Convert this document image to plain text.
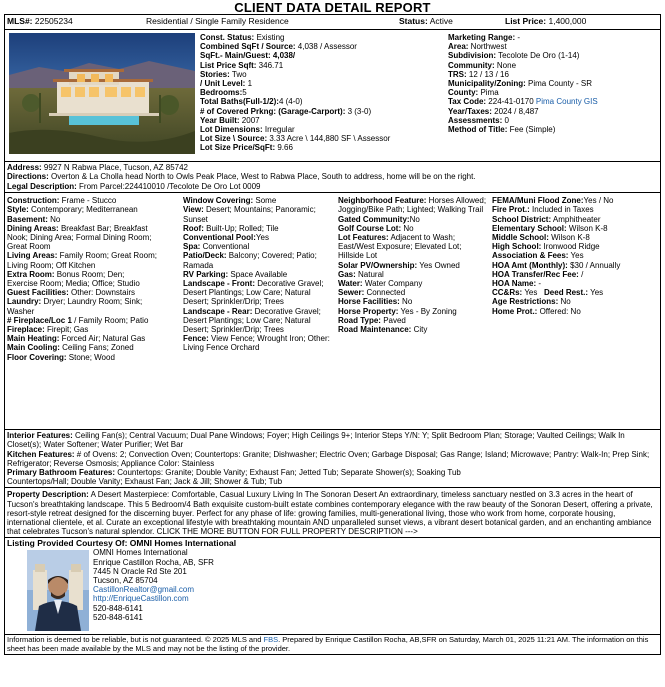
CLIENT DATA DETAIL REPORT
MLS#: 22505234	Residential / Single Family Residence	Status: Active	List Price: 1,400,000
Const. Status: Existing
Combined SqFt / Source: 4,038 / Assessor
SqFt.- Main/Guest: 4,038/
List Price Sqft: 346.71
Stories: Two
/ Unit Level: 1
Bedrooms:5
Total Baths(Full-1/2):4 (4-0)
# of Covered Prkng: (Garage-Carport): 3 (3-0)
Year Built: 2007
Lot Dimensions: Irregular
Lot Size \ Source: 3.33 Acre \ 144,880 SF \ Assessor
Lot Size Price/SqFt: 9.66
Marketing Range: -
Area: Northwest
Subdivision: Tecolote De Oro (1-14)
Community: None
TRS: 12 / 13 / 16
Municipality/Zoning: Pima County - SR
County: Pima
Tax Code: 224-41-0170 Pima County GIS
Year/Taxes: 2024 / 8,487
Assessments: 0
Method of Title: Fee (Simple)
Address: 9927 N Rabwa Place, Tucson, AZ 85742
Directions: Overton & La Cholla head North to Owls Peak Place, West to Rabwa Place, South to address, home will be on the right.
Legal Description: From Parcel:224410010 /Tecolote De Oro Lot 0009
Construction: Frame - Stucco
Style: Contemporary; Mediterranean
Basement: No
Dining Areas: Breakfast Bar; Breakfast Nook; Dining Area; Formal Dining Room; Great Room
Living Areas: Family Room; Great Room; Living Room; Off Kitchen
Extra Room: Bonus Room; Den; Exercise Room; Media; Office; Studio
Guest Facilities: Other: Downstairs
Laundry: Dryer; Laundry Room; Sink; Washer
# Fireplace/Loc 1 / Family Room; Patio
Fireplace: Firepit; Gas
Main Heating: Forced Air; Natural Gas
Main Cooling: Ceiling Fans; Zoned
Floor Covering: Stone; Wood
Window Covering: Some
View: Desert; Mountains; Panoramic; Sunset
Roof: Built-Up; Rolled; Tile
Conventional Pool:Yes
Spa: Conventional
Patio/Deck: Balcony; Covered; Patio; Ramada
RV Parking: Space Available
Landscape - Front: Decorative Gravel; Desert Plantings; Low Care; Natural Desert; Sprinkler/Drip; Trees
Landscape - Rear: Decorative Gravel; Desert Plantings; Low Care; Natural Desert; Sprinkler/Drip; Trees
Fence: View Fence; Wrought Iron; Other: Living Fence Orchard
Neighborhood Feature: Horses Allowed; Jogging/Bike Path; Lighted; Walking Trail
Gated Community:No
Golf Course Lot: No
Lot Features: Adjacent to Wash; East/West Exposure; Elevated Lot; Hillside Lot
Solar PV/Ownership: Yes Owned
Gas: Natural
Water: Water Company
Sewer: Connected
Horse Facilities: No
Horse Property: Yes - By Zoning
Road Type: Paved
Road Maintenance: City
FEMA/Muni Flood Zone:Yes / No
Fire Prot.: Included in Taxes
School District: Amphitheater
Elementary School: Wilson K-8
Middle School: Wilson K-8
High School: Ironwood Ridge
Association & Fees: Yes
HOA Amt (Monthly): $30 / Annually
HOA Transfer/Rec Fee: /
HOA Name: -
CC&Rs: Yes   Deed Rest.: Yes
Age Restrictions: No
Home Prot.: Offered: No
Interior Features: Ceiling Fan(s); Central Vacuum; Dual Pane Windows; Foyer; High Ceilings 9+; Interior Steps Y/N: Y; Split Bedroom Plan; Storage; Vaulted Ceilings; Walk In Closet(s); Water Softener; Water Purifier; Wet Bar
Kitchen Features: # of Ovens: 2; Convection Oven; Countertops: Granite; Dishwasher; Electric Oven; Garbage Disposal; Gas Range; Island; Microwave; Pantry: Walk-In; Prep Sink; Refrigerator; Reverse Osmosis; Appliance Color: Stainless
Primary Bathroom Features: Countertops: Granite; Double Vanity; Exhaust Fan; Jetted Tub; Separate Shower(s); Soaking Tub
Countertops/Hall; Double Vanity; Exhaust Fan; Jack & Jill; Shower & Tub; Tub
Property Description: A Desert Masterpiece: Comfortable, Casual Luxury Living In The Sonoran Desert An extraordinary, timeless sanctuary nestled on 3.3 acres in the heart of Tucson's breathtaking landscape. This 5 Bedroom/4 Bath exquisite custom-built estate combines contemporary elegance with the raw beauty of the Sonoran Desert, offering a private, resort-style retreat designed for the discerning buyer. Perfect for any phase of life: growing families, multi-generational living, those who work from home, corporate housing, international clientele, et al. Curate an exceptional lifestyle with breathtaking mountain AND unparalleled sunset views, a vibrant desert botanical garden, and an enchanting ambiance that celebrates Tucson's natural splendor. CLICK THE MORE BUTTON FOR FULL PROPERTY DESCRIPTION --->
Listing Provided Courtesy Of: OMNI Homes International
OMNI Homes International
Enrique Castillon Rocha, AB, SFR
7445 N Oracle Rd Ste 201
Tucson, AZ 85704
CastillonRealtor@gmail.com
http://EnriqueCastillon.com
520-848-6141
520-848-6141
Information is deemed to be reliable, but is not guaranteed. © 2025 MLS and FBS. Prepared by Enrique Castillon Rocha, AB,SFR on Saturday, March 01, 2025 11:21 AM. The information on this sheet has been made available by the MLS and may not be the listing of the provider.
